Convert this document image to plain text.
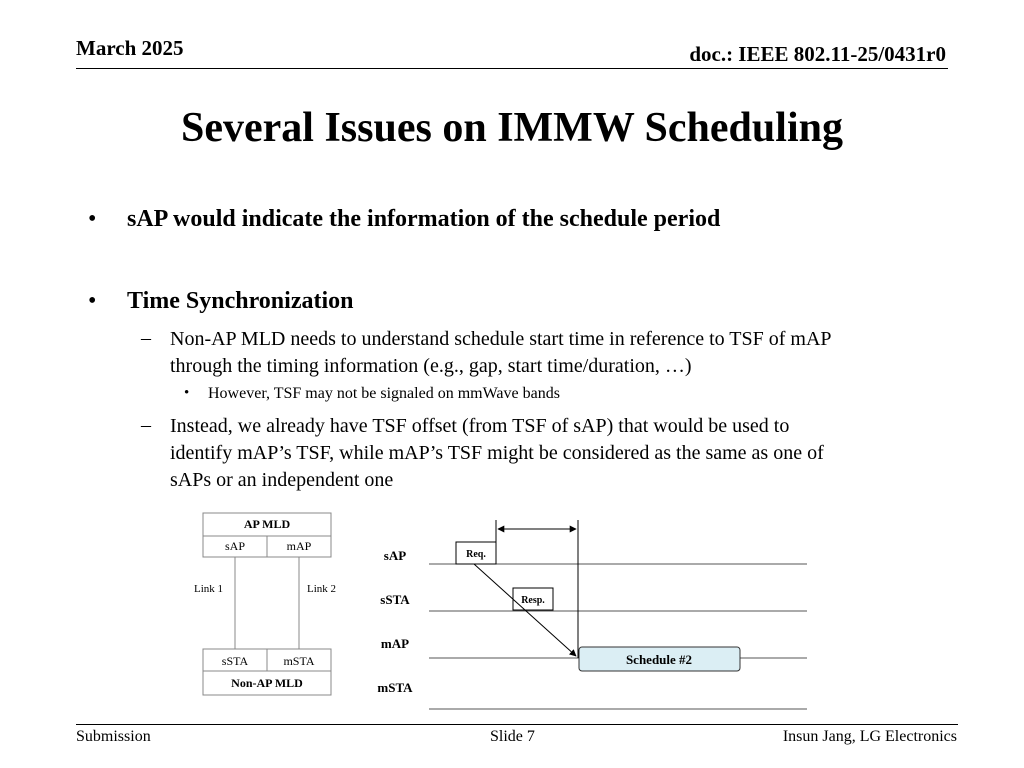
March 2025	doc.: IEEE 802.11-25/0431r0
Several Issues on IMMW Scheduling
• sAP would indicate the information of the schedule period
• Time Synchronization
– Non-AP MLD needs to understand schedule start time in reference to TSF of mAP
through the timing information (e.g., gap, start time/duration, …)
• However, TSF may not be signaled on mmWave bands
– Instead, we already have TSF offset (from TSF of sAP) that would be used to
identify mAP’s TSF, while mAP’s TSF might be considered as the same as one of
sAPs or an independent one
AP MLD
sAP	mAP
Link 1	Link 2
sSTA	mSTA
Non-AP MLD
sAP
sSTA
mAP
mSTA
Req.
Resp.
Schedule #2
Submission	Slide 7	Insun Jang, LG Electronics
